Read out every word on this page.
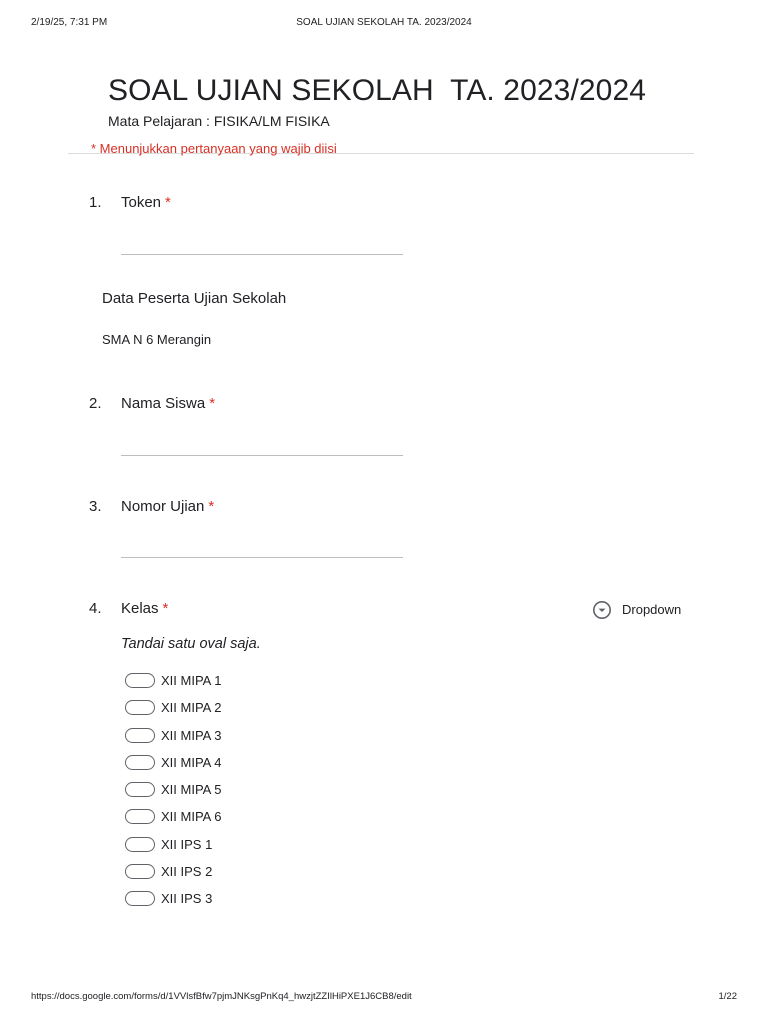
2/19/25, 7:31 PM	SOAL UJIAN SEKOLAH TA. 2023/2024
SOAL UJIAN SEKOLAH  TA. 2023/2024
Mata Pelajaran : FISIKA/LM FISIKA
* Menunjukkan pertanyaan yang wajib diisi
1. Token *
Data Peserta Ujian Sekolah
SMA N 6 Merangin
2. Nama Siswa *
3. Nomor Ujian *
4. Kelas *	Dropdown
Tandai satu oval saja.
XII MIPA 1
XII MIPA 2
XII MIPA 3
XII MIPA 4
XII MIPA 5
XII MIPA 6
XII IPS 1
XII IPS 2
XII IPS 3
https://docs.google.com/forms/d/1VVlsfBfw7pjmJNKsgPnKq4_hwzjtZZIlHiPXE1J6CB8/edit	1/22
